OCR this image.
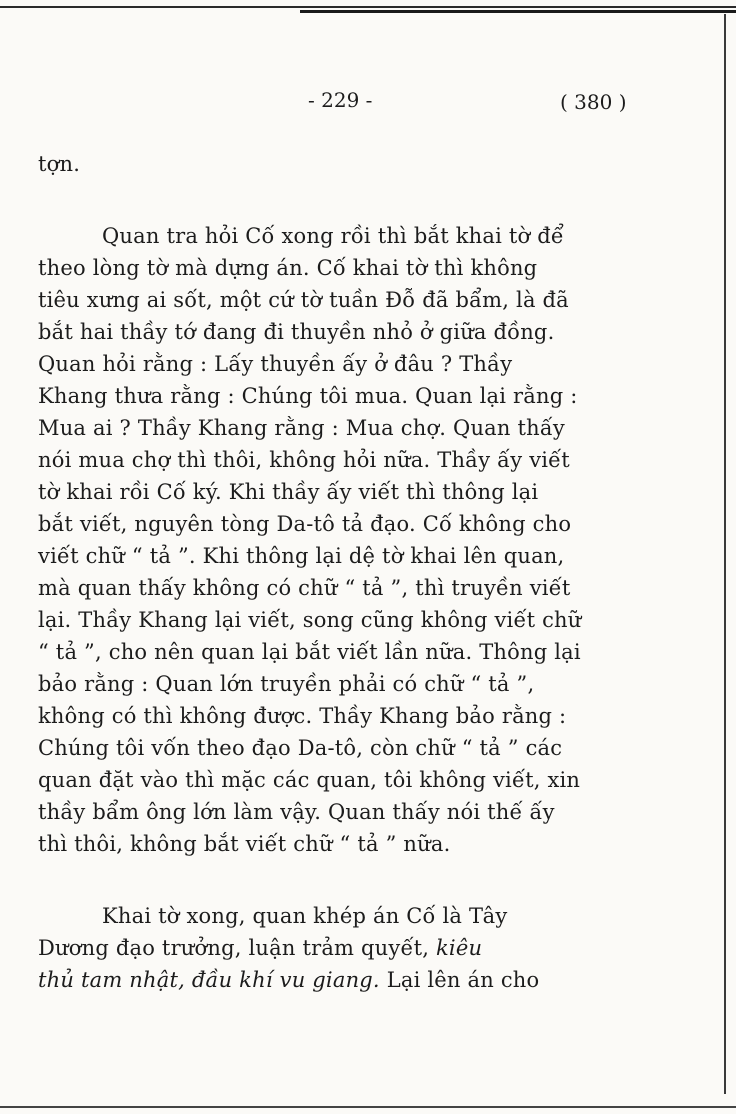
- 229 -	( 380 )
tợn.
Quan tra hỏi Cố xong rồi thì bắt khai tờ để
theo lòng tờ mà dựng án. Cố khai tờ thì không
tiêu xưng ai sốt, một cứ tờ tuần Đỗ đã bẩm, là đã
bắt hai thầy tớ đang đi thuyền nhỏ ở giữa đồng.
Quan hỏi rằng : Lấy thuyền ấy ở đâu ? Thầy
Khang thưa rằng : Chúng tôi mua. Quan lại rằng :
Mua ai ? Thầy Khang rằng : Mua chợ. Quan thấy
nói mua chợ thì thôi, không hỏi nữa. Thầy ấy viết
tờ khai rồi Cố ký. Khi thầy ấy viết thì thông lại
bắt viết, nguyên tòng Da-tô tả đạo. Cố không cho
viết chữ “ tả ”. Khi thông lại dệ tờ khai lên quan,
mà quan thấy không có chữ “ tả ”, thì truyền viết
lại. Thầy Khang lại viết, song cũng không viết chữ
“ tả ”, cho nên quan lại bắt viết lần nữa. Thông lại
bảo rằng : Quan lớn truyền phải có chữ “ tả ”,
không có thì không được. Thầy Khang bảo rằng :
Chúng tôi vốn theo đạo Da-tô, còn chữ “ tả ” các
quan đặt vào thì mặc các quan, tôi không viết, xin
thầy bẩm ông lớn làm vậy. Quan thấy nói thế ấy
thì thôi, không bắt viết chữ “ tả ” nữa.
Khai tờ xong, quan khép án Cố là Tây
Dương đạo trưởng, luận trảm quyết, kiêu
thủ tam nhật, đầu khí vu giang. Lại lên án cho
